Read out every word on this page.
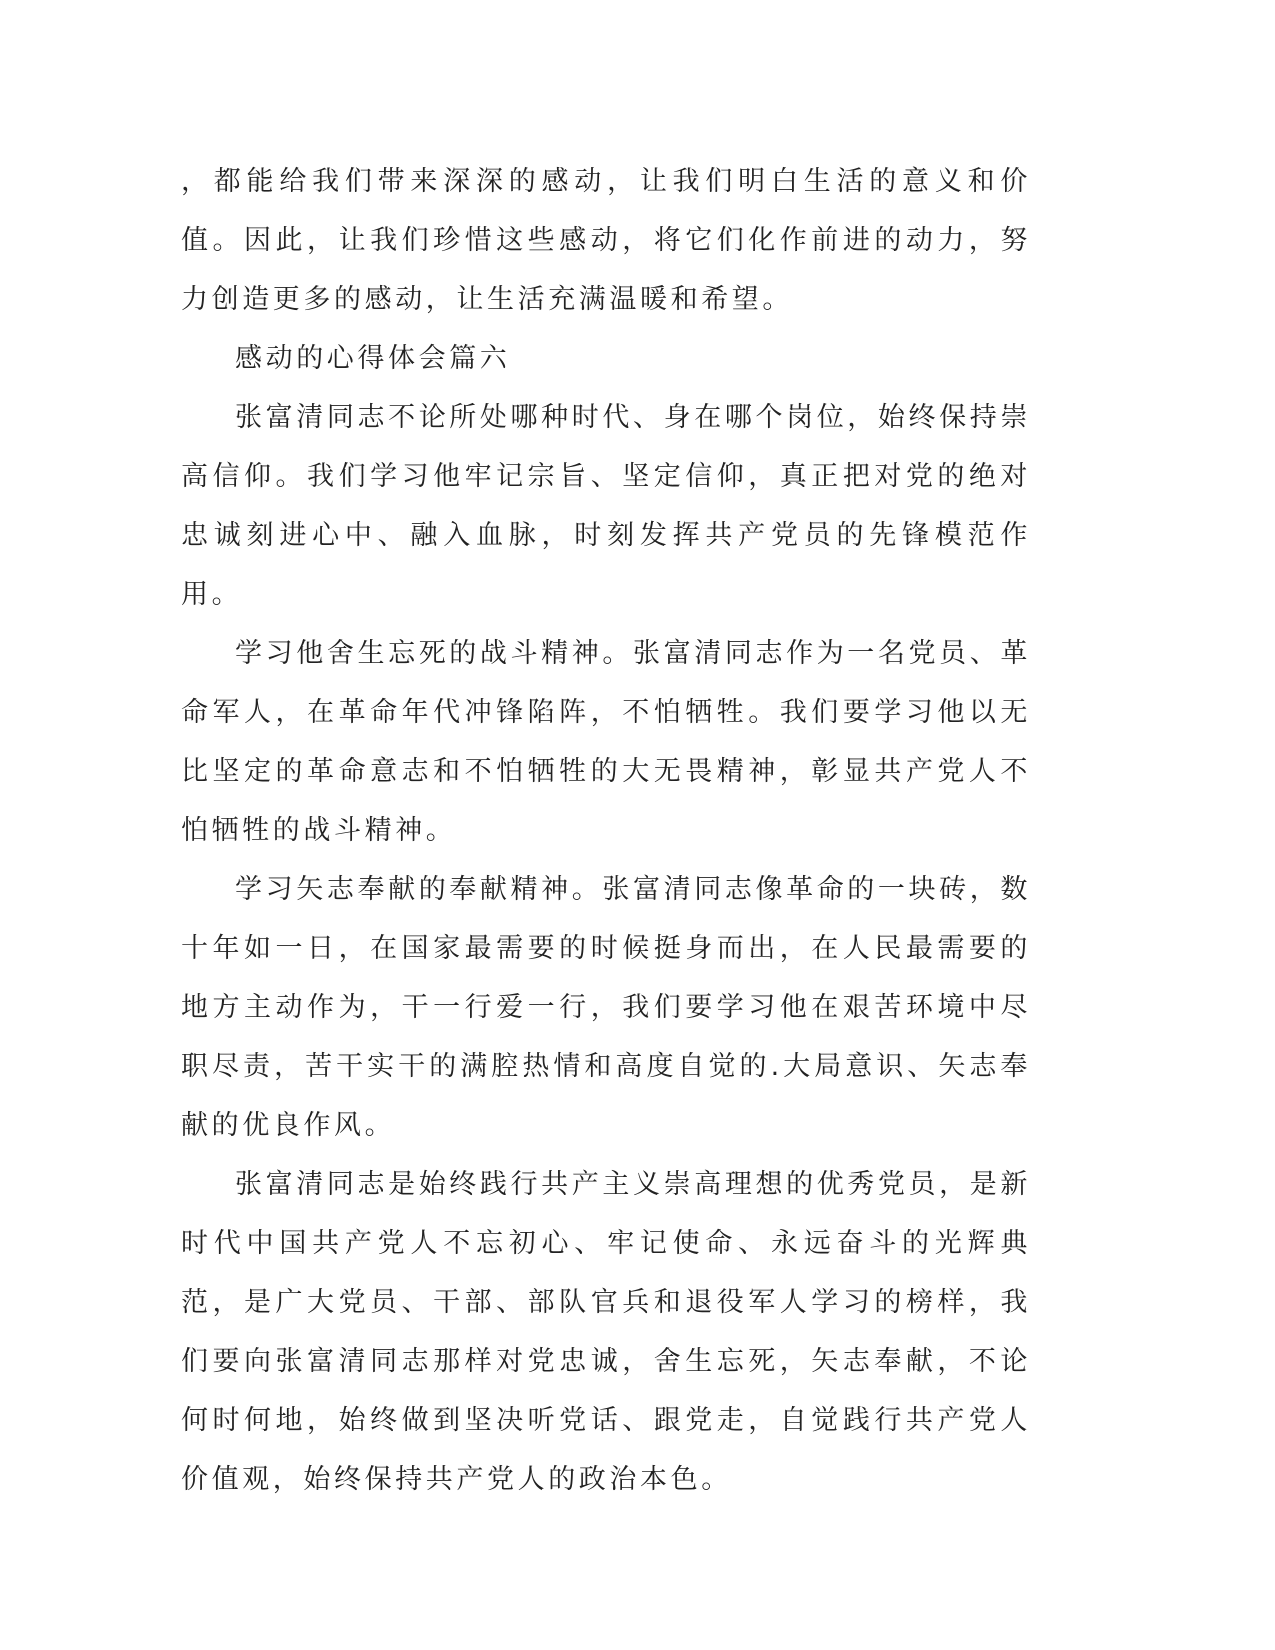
，都能给我们带来深深的感动，让我们明白生活的意义和价值。因此，让我们珍惜这些感动，将它们化作前进的动力，努力创造更多的感动，让生活充满温暖和希望。

感动的心得体会篇六

张富清同志不论所处哪种时代、身在哪个岗位，始终保持崇高信仰。我们学习他牢记宗旨、坚定信仰，真正把对党的绝对忠诚刻进心中、融入血脉，时刻发挥共产党员的先锋模范作用。

学习他舍生忘死的战斗精神。张富清同志作为一名党员、革命军人，在革命年代冲锋陷阵，不怕牺牲。我们要学习他以无比坚定的革命意志和不怕牺牲的大无畏精神，彰显共产党人不怕牺牲的战斗精神。

学习矢志奉献的奉献精神。张富清同志像革命的一块砖，数十年如一日，在国家最需要的时候挺身而出，在人民最需要的地方主动作为，干一行爱一行，我们要学习他在艰苦环境中尽职尽责，苦干实干的满腔热情和高度自觉的.大局意识、矢志奉献的优良作风。

张富清同志是始终践行共产主义崇高理想的优秀党员，是新时代中国共产党人不忘初心、牢记使命、永远奋斗的光辉典范，是广大党员、干部、部队官兵和退役军人学习的榜样，我们要向张富清同志那样对党忠诚，舍生忘死，矢志奉献，不论何时何地，始终做到坚决听党话、跟党走，自觉践行共产党人价值观，始终保持共产党人的政治本色。
